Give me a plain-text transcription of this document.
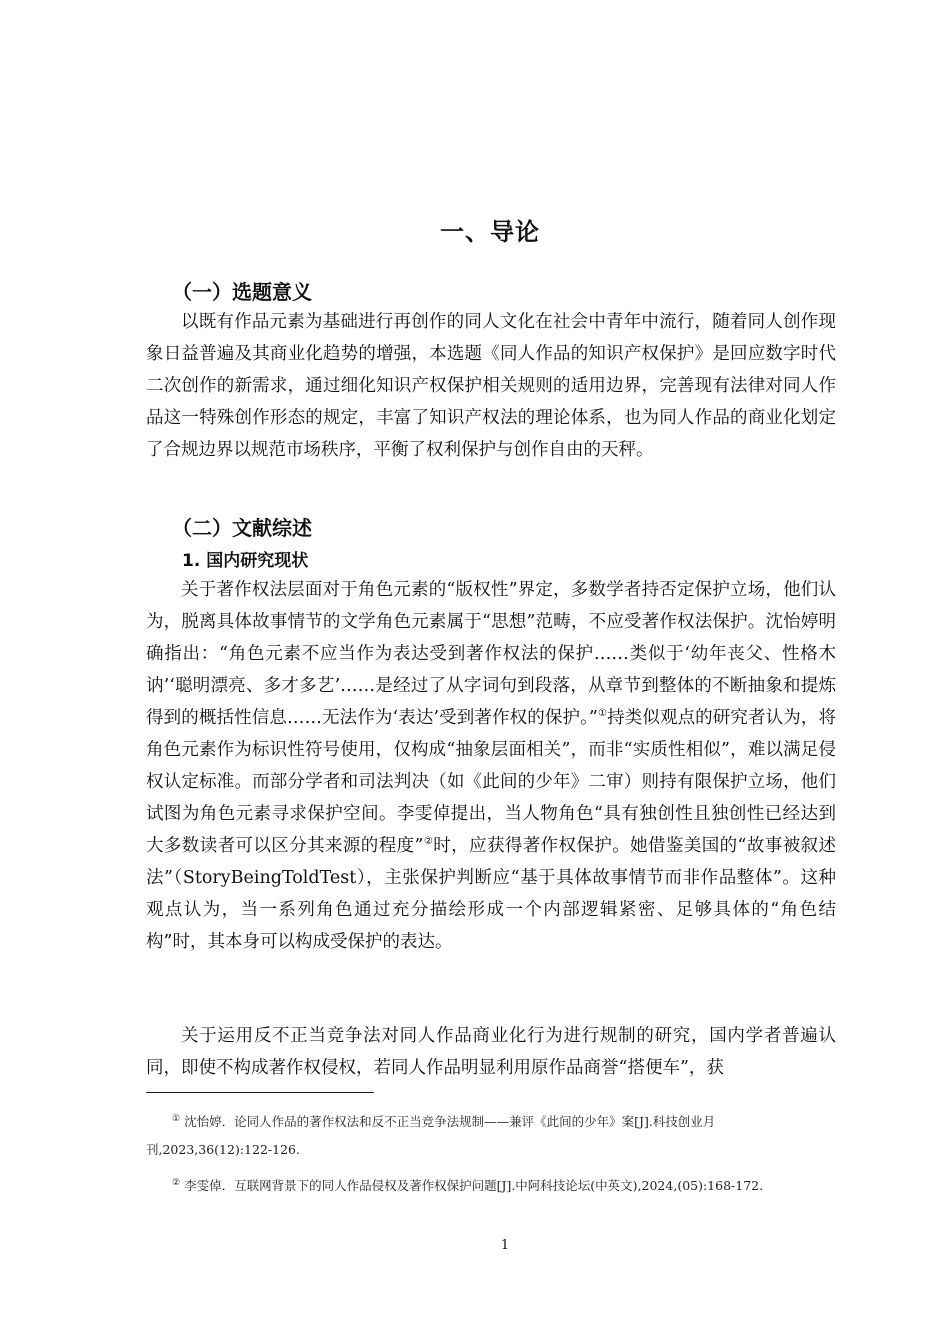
一、导论
（一）选题意义

以既有作品元素为基础进行再创作的同人文化在社会中青年中流行，随着同人创作现象日益普遍及其商业化趋势的增强，本选题《同人作品的知识产权保护》是回应数字时代二次创作的新需求，通过细化知识产权保护相关规则的适用边界，完善现有法律对同人作品这一特殊创作形态的规定，丰富了知识产权法的理论体系，也为同人作品的商业化划定了合规边界以规范市场秩序，平衡了权利保护与创作自由的天秤。

（二）文献综述
1. 国内研究现状

关于著作权法层面对于角色元素的“版权性”界定，多数学者持否定保护立场，他们认为，脱离具体故事情节的文学角色元素属于“思想”范畴，不应受著作权法保护。沈怡婷明确指出：“角色元素不应当作为表达受到著作权法的保护……类似于‘幼年丧父、性格木讷’‘聪明漂亮、多才多艺’……是经过了从字词句到段落，从章节到整体的不断抽象和提炼得到的概括性信息……无法作为‘表达’受到著作权的保护。”①持类似观点的研究者认为，将角色元素作为标识性符号使用，仅构成“抽象层面相关”，而非“实质性相似”，难以满足侵权认定标准。而部分学者和司法判决（如《此间的少年》二审）则持有限保护立场，他们试图为角色元素寻求保护空间。李雯倬提出，当人物角色“具有独创性且独创性已经达到大多数读者可以区分其来源的程度”②时，应获得著作权保护。她借鉴美国的“故事被叙述法”（StoryBeingToldTest），主张保护判断应“基于具体故事情节而非作品整体”。这种观点认为，当一系列角色通过充分描绘形成一个内部逻辑紧密、足够具体的“角色结构”时，其本身可以构成受保护的表达。

关于运用反不正当竞争法对同人作品商业化行为进行规制的研究，国内学者普遍认同，即使不构成著作权侵权，若同人作品明显利用原作品商誉“搭便车”，获

① 沈怡婷．论同人作品的著作权法和反不正当竞争法规制——兼评《此间的少年》案[J].科技创业月刊,2023,36(12):122-126.

② 李雯倬．互联网背景下的同人作品侵权及著作权保护问题[J].中阿科技论坛(中英文),2024,(05):168-172.

1
